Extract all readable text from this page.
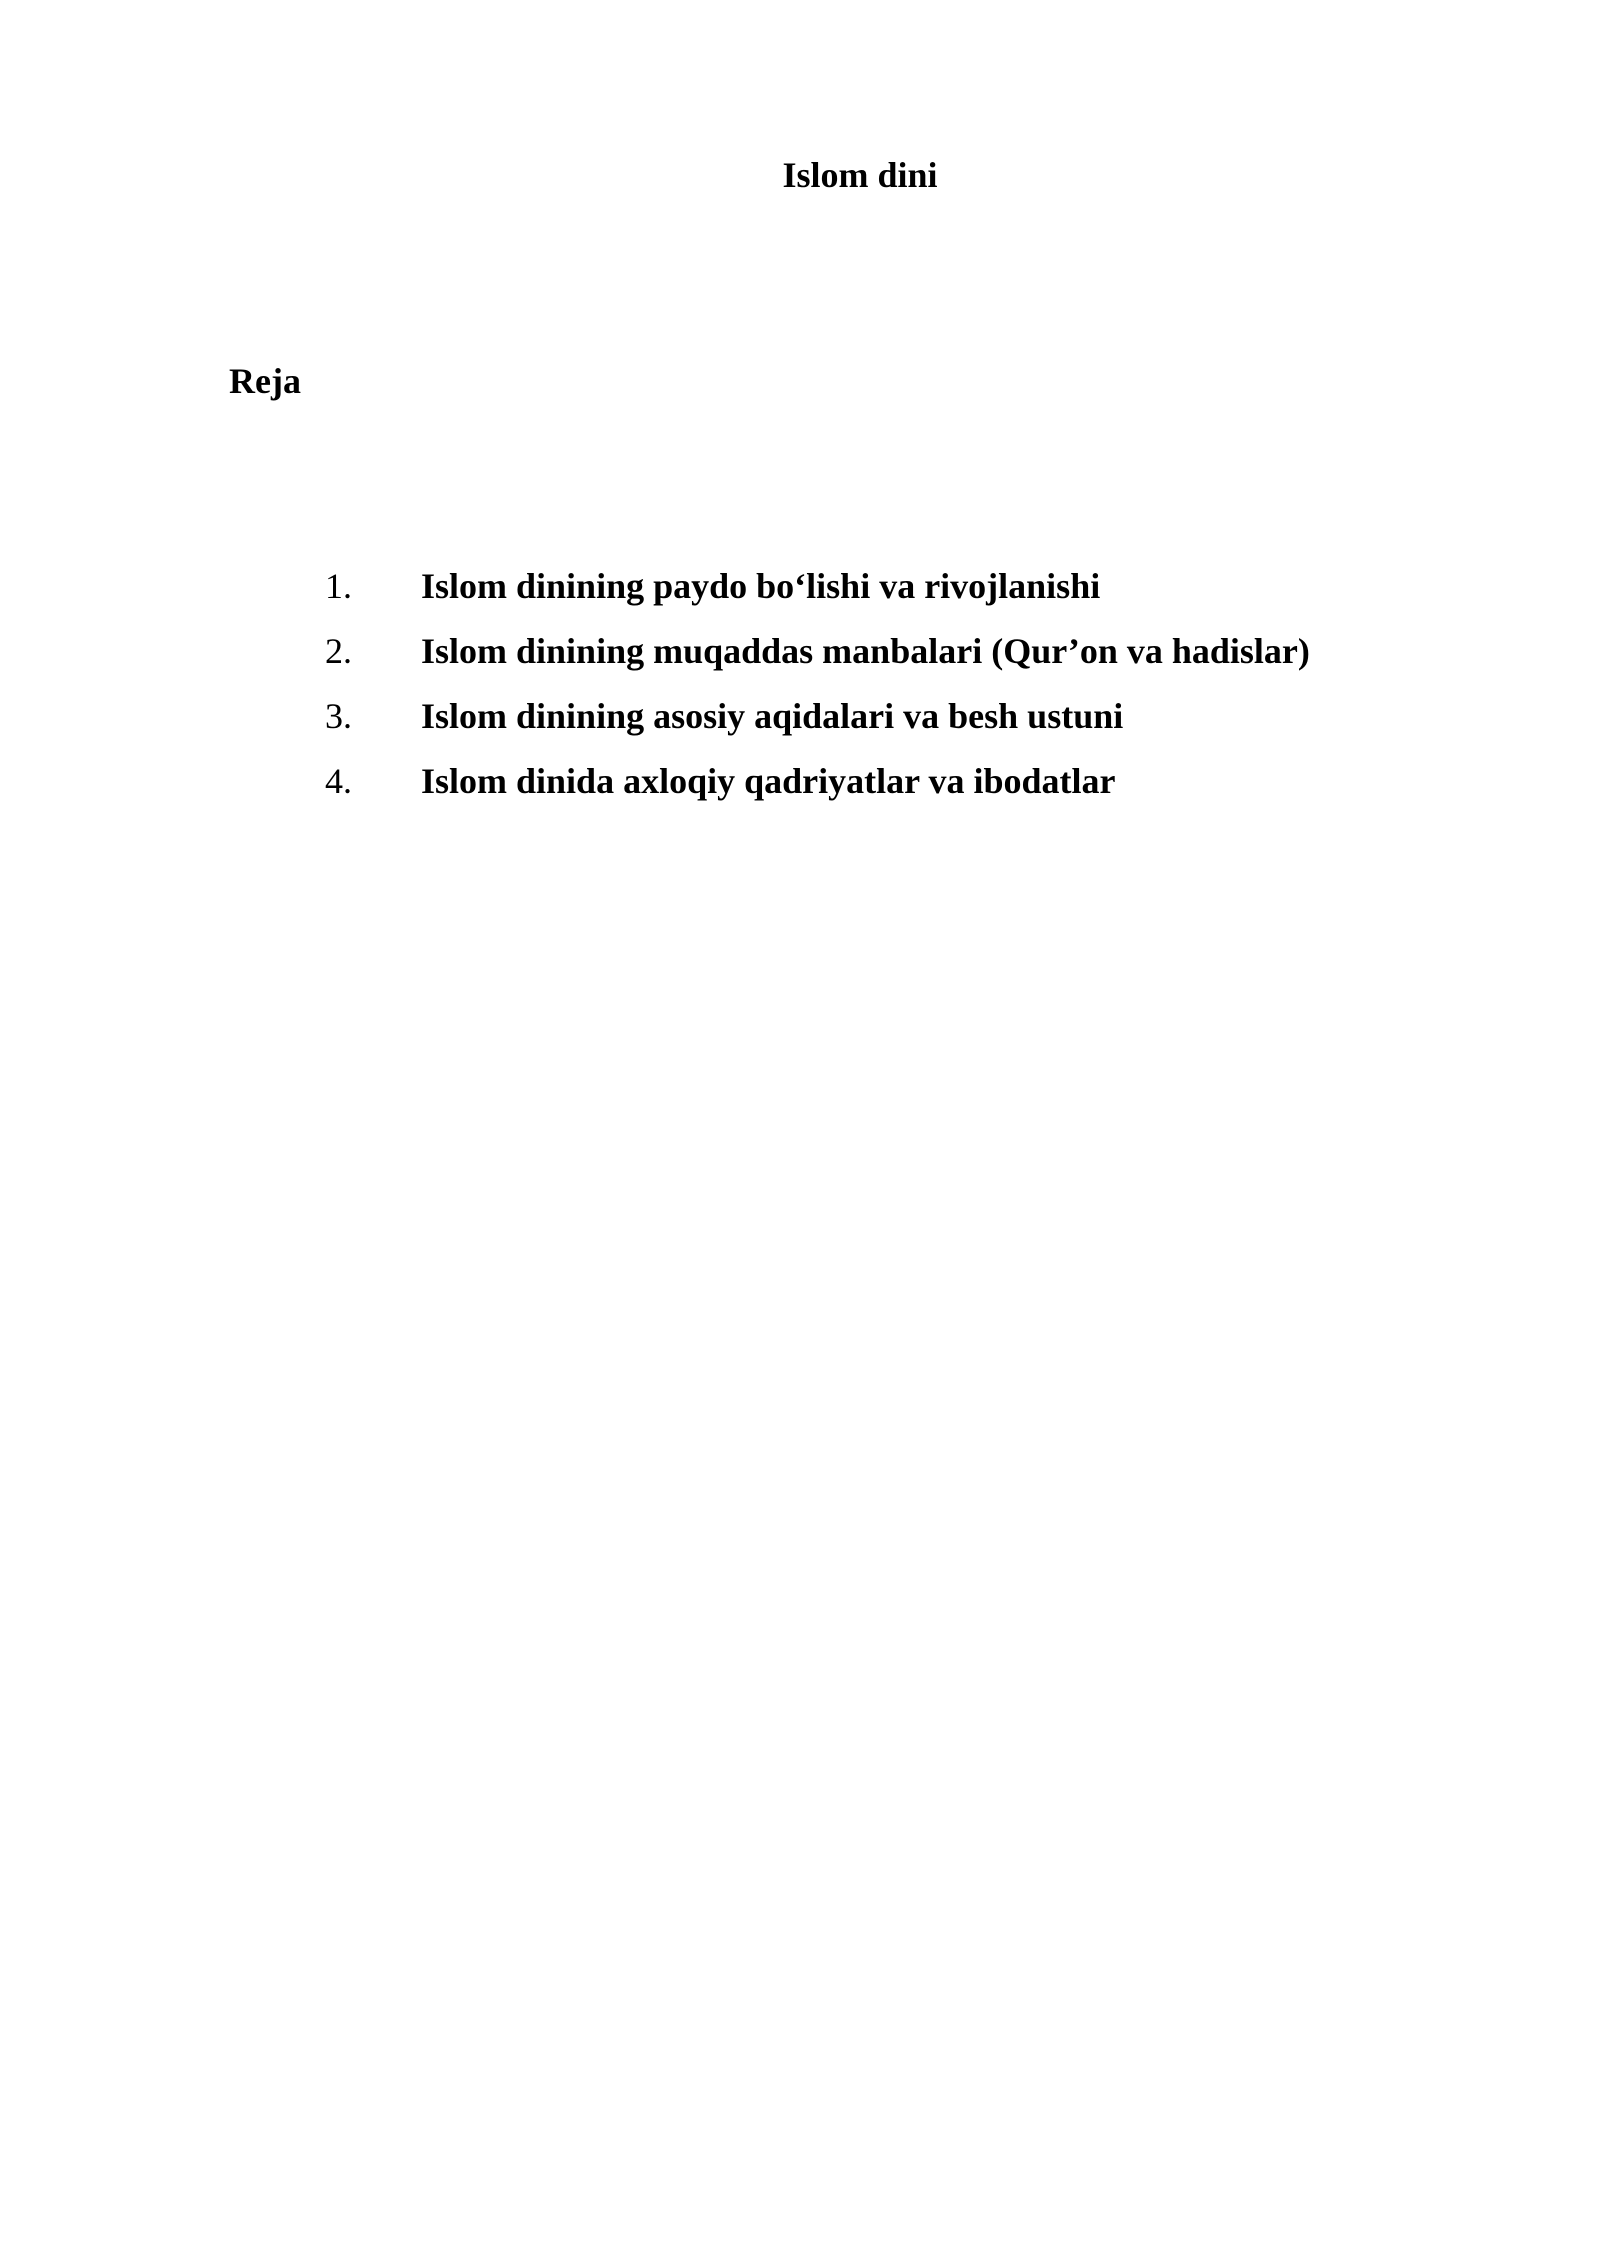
Islom dini
Reja
1. Islom dinining paydo bo‘lishi va rivojlanishi
2. Islom dinining muqaddas manbalari (Qur’on va hadislar)
3. Islom dinining asosiy aqidalari va besh ustuni
4. Islom dinida axloqiy qadriyatlar va ibodatlar
